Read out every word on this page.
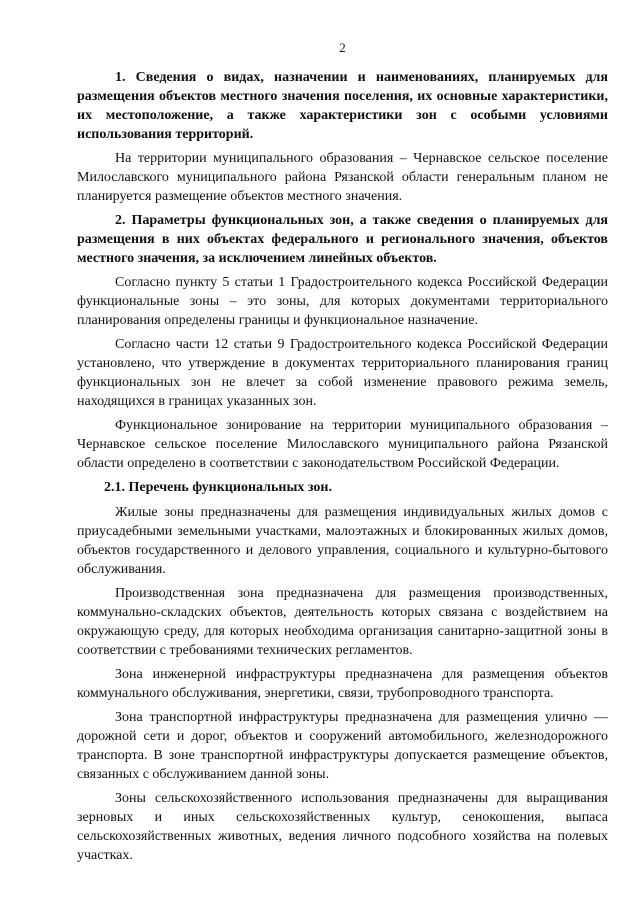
2

1. Сведения о видах, назначении и наименованиях, планируемых для размещения объектов местного значения поселения, их основные характеристики, их местоположение, а также характеристики зон с особыми условиями использования территорий.

На территории муниципального образования – Чернавское сельское поселение Милославского муниципального района Рязанской области генеральным планом не планируется размещение объектов местного значения.

2. Параметры функциональных зон, а также сведения о планируемых для размещения в них объектах федерального и регионального значения, объектов местного значения, за исключением линейных объектов.

Согласно пункту 5 статьи 1 Градостроительного кодекса Российской Федерации функциональные зоны – это зоны, для которых документами территориального планирования определены границы и функциональное назначение.

Согласно части 12 статьи 9 Градостроительного кодекса Российской Федерации установлено, что утверждение в документах территориального планирования границ функциональных зон не влечет за собой изменение правового режима земель, находящихся в границах указанных зон.

Функциональное зонирование на территории муниципального образования – Чернавское сельское поселение Милославского муниципального района Рязанской области определено в соответствии с законодательством Российской Федерации.

2.1. Перечень функциональных зон.

Жилые зоны предназначены для размещения индивидуальных жилых домов с приусадебными земельными участками, малоэтажных и блокированных жилых домов, объектов государственного и делового управления, социального и культурно-бытового обслуживания.

Производственная зона предназначена для размещения производственных, коммунально-складских объектов, деятельность которых связана с воздействием на окружающую среду, для которых необходима организация санитарно-защитной зоны в соответствии с требованиями технических регламентов.

Зона инженерной инфраструктуры предназначена для размещения объектов коммунального обслуживания, энергетики, связи, трубопроводного транспорта.

Зона транспортной инфраструктуры предназначена для размещения улично — дорожной сети и дорог, объектов и сооружений автомобильного, железнодорожного транспорта. В зоне транспортной инфраструктуры допускается размещение объектов, связанных с обслуживанием данной зоны.

Зоны сельскохозяйственного использования предназначены для выращивания зерновых и иных сельскохозяйственных культур, сенокошения, выпаса сельскохозяйственных животных, ведения личного подсобного хозяйства на полевых участках.
